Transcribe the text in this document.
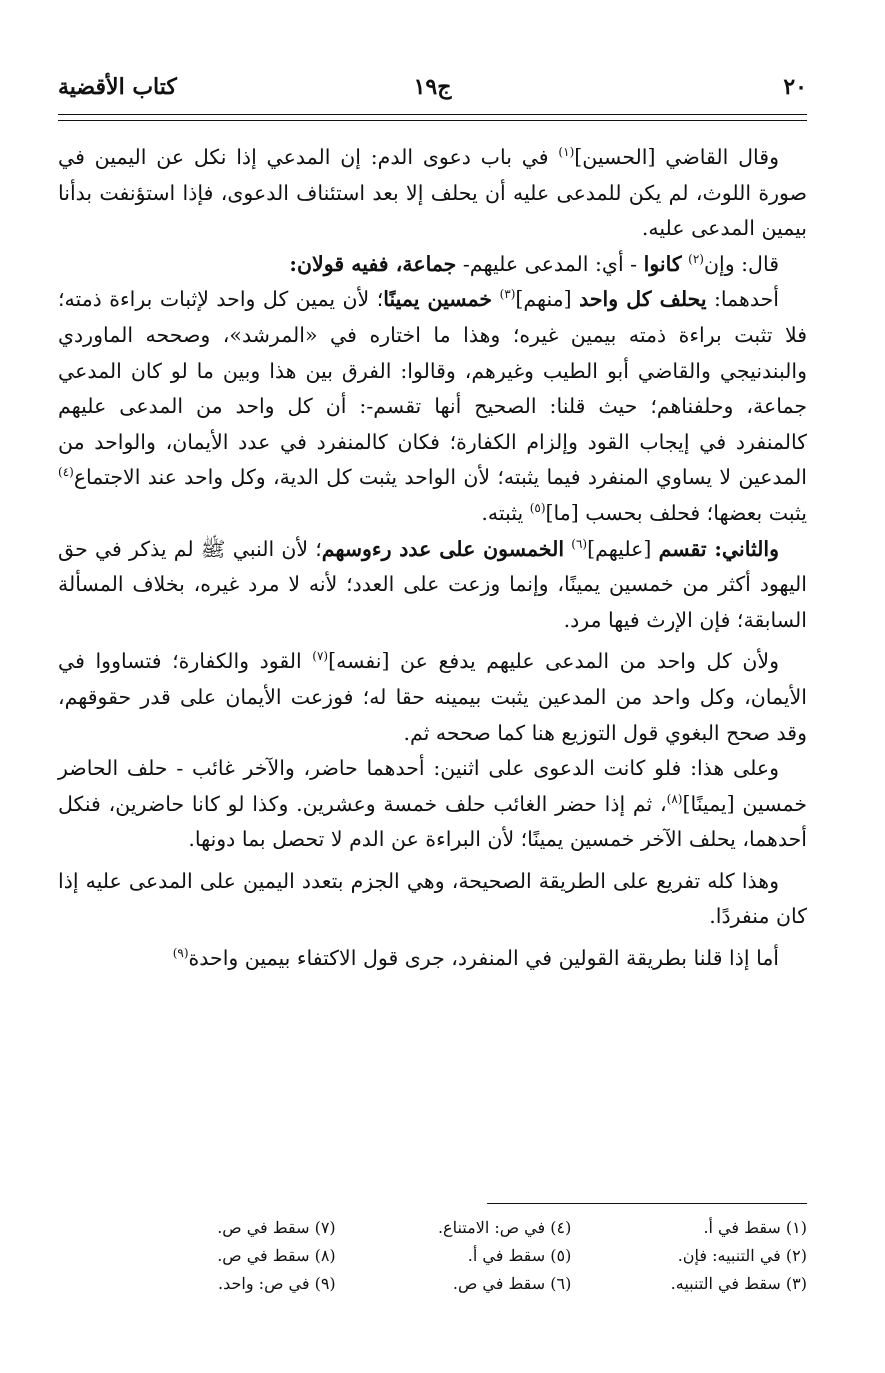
٢٠
ج١٩
كتاب الأقضية

وقال القاضي [الحسين]$^{(١)}$ في باب دعوى الدم: إن المدعي إذا نكل عن اليمين في صورة اللوث، لم يكن للمدعى عليه أن يحلف إلا بعد استئناف الدعوى، فإذا استؤنفت بدأنا بيمين المدعى عليه.

قال: وإن$^{(٢)}$ كانوا - أي: المدعى عليهم- جماعة، ففيه قولان:

أحدهما: يحلف كل واحد [منهم]$^{(٣)}$ خمسين يمينًا؛ لأن يمين كل واحد لإثبات براءة ذمته؛ فلا تثبت براءة ذمته بيمين غيره؛ وهذا ما اختاره في «المرشد»، وصححه الماوردي والبندنيجي والقاضي أبو الطيب وغيرهم، وقالوا: الفرق بين هذا وبين ما لو كان المدعي جماعة، وحلفناهم؛ حيث قلنا: الصحيح أنها تقسم-: أن كل واحد من المدعى عليهم كالمنفرد في إيجاب القود وإلزام الكفارة؛ فكان كالمنفرد في عدد الأيمان، والواحد من المدعين لا يساوي المنفرد فيما يثبته؛ لأن الواحد يثبت كل الدية، وكل واحد عند الاجتماع$^{(٤)}$ يثبت بعضها؛ فحلف بحسب [ما]$^{(٥)}$ يثبته.

والثاني: تقسم [عليهم]$^{(٦)}$ الخمسون على عدد رءوسهم؛ لأن النبي ﷺ لم يذكر في حق اليهود أكثر من خمسين يمينًا، وإنما وزعت على العدد؛ لأنه لا مرد غيره، بخلاف المسألة السابقة؛ فإن الإرث فيها مرد.

ولأن كل واحد من المدعى عليهم يدفع عن [نفسه]$^{(٧)}$ القود والكفارة؛ فتساووا في الأيمان، وكل واحد من المدعين يثبت بيمينه حقا له؛ فوزعت الأيمان على قدر حقوقهم، وقد صحح البغوي قول التوزيع هنا كما صححه ثم.

وعلى هذا: فلو كانت الدعوى على اثنين: أحدهما حاضر، والآخر غائب - حلف الحاضر خمسين [يمينًا]$^{(٨)}$، ثم إذا حضر الغائب حلف خمسة وعشرين. وكذا لو كانا حاضرين، فنكل أحدهما، يحلف الآخر خمسين يمينًا؛ لأن البراءة عن الدم لا تحصل بما دونها.

وهذا كله تفريع على الطريقة الصحيحة، وهي الجزم بتعدد اليمين على المدعى عليه إذا كان منفردًا.

أما إذا قلنا بطريقة القولين في المنفرد، جرى قول الاكتفاء بيمين واحدة$^{(٩)}$

(١) سقط في أ.
(٢) في التنبيه: فإن.
(٣) سقط في التنبيه.
(٤) في ص: الامتناع.
(٥) سقط في أ.
(٦) سقط في ص.
(٧) سقط في ص.
(٨) سقط في ص.
(٩) في ص: واحد.
